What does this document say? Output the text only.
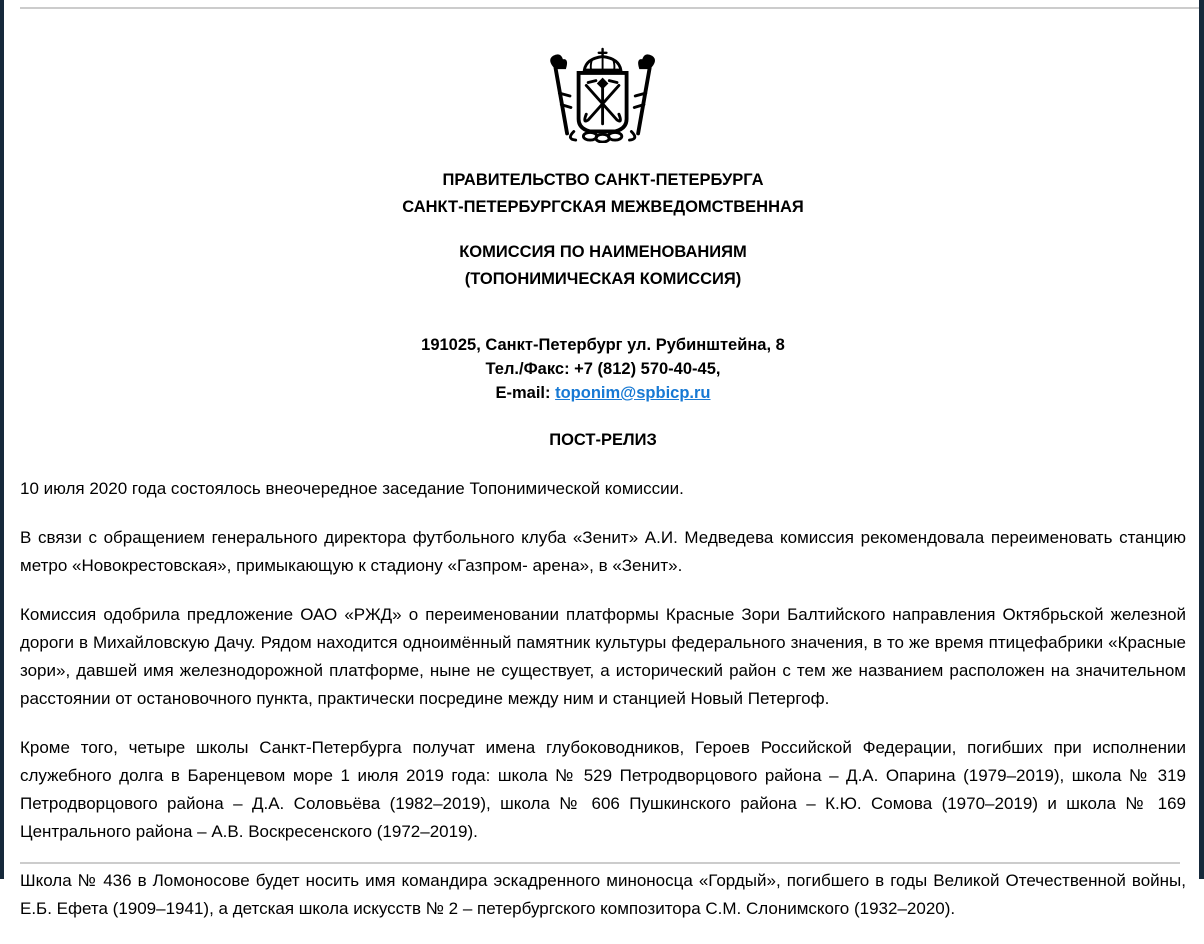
ПРАВИТЕЛЬСТВО САНКТ-ПЕТЕРБУРГА
САНКТ-ПЕТЕРБУРГСКАЯ МЕЖВЕДОМСТВЕННАЯ
КОМИССИЯ ПО НАИМЕНОВАНИЯМ
(ТОПОНИМИЧЕСКАЯ КОМИССИЯ)
191025, Санкт-Петербург ул. Рубинштейна, 8
Тел./Факс: +7 (812) 570-40-45,
E-mail: toponim@spbicp.ru
ПОСТ-РЕЛИЗ

10 июля 2020 года состоялось внеочередное заседание Топонимической комиссии.

В связи с обращением генерального директора футбольного клуба «Зенит» А.И. Медведева комиссия рекомендовала переименовать станцию метро «Новокрестовская», примыкающую к стадиону «Газпром- арена», в «Зенит».

Комиссия одобрила предложение ОАО «РЖД» о переименовании платформы Красные Зори Балтийского направления Октябрьской железной дороги в Михайловскую Дачу. Рядом находится одноимённый памятник культуры федерального значения, в то же время птицефабрики «Красные зори», давшей имя железнодорожной платформе, ныне не существует, а исторический район с тем же названием расположен на значительном расстоянии от остановочного пункта, практически посредине между ним и станцией Новый Петергоф.

Кроме того, четыре школы Санкт-Петербурга получат имена глубоководников, Героев Российской Федерации, погибших при исполнении служебного долга в Баренцевом море 1 июля 2019 года: школа № 529 Петродворцового района – Д.А. Опарина (1979–2019), школа № 319 Петродворцового района – Д.А. Соловьёва (1982–2019), школа № 606 Пушкинского района – К.Ю. Сомова (1970–2019) и школа № 169 Центрального района – А.В. Воскресенского (1972–2019).

Школа № 436 в Ломоносове будет носить имя командира эскадренного миноносца «Гордый», погибшего в годы Великой Отечественной войны, Е.Б. Ефета (1909–1941), а детская школа искусств № 2 – петербургского композитора С.М. Слонимского (1932–2020).
